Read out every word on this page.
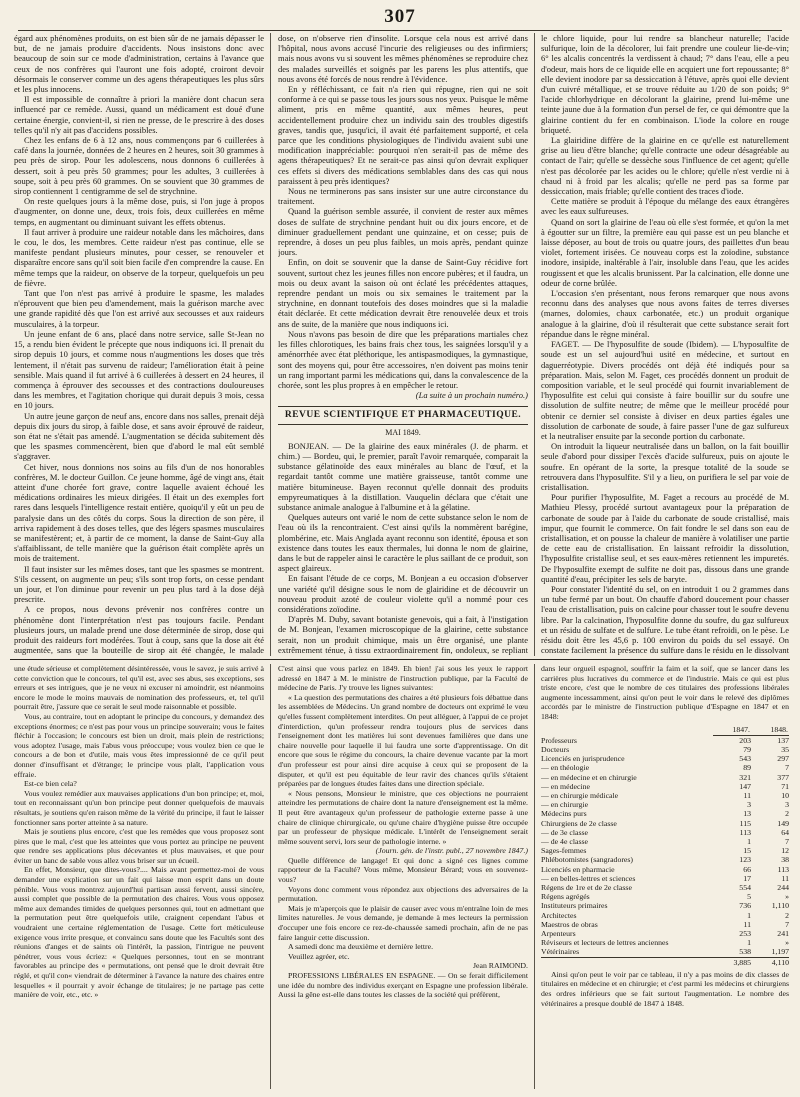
307

égard aux phénomènes produits, on est bien sûr de ne jamais dépasser le but, de ne jamais produire d'accidents. Nous insistons donc avec beaucoup de soin sur ce mode d'administration, certains à l'avance que ceux de nos confrères qui l'auront une fois adopté, croiront devoir désormais le conserver comme un des agens thérapeutiques les plus sûrs et les plus innocens.

Il est impossible de connaître à priori la manière dont chacun sera influencé par ce remède. Aussi, quand un médicament est doué d'une certaine énergie, convient-il, si rien ne presse, de le prescrire à des doses telles qu'il n'y ait pas d'accidens possibles.

Chez les enfans de 6 à 12 ans, nous commençons par 6 cuillerées à café dans la journée, données de 2 heures en 2 heures, soit 30 grammes à peu près de sirop. Pour les adolescens, nous donnons 6 cuillerées à dessert, soit à peu près 50 grammes; pour les adultes, 3 cuillerées à soupe, soit à peu près 60 grammes. On se souvient que 30 grammes de sirop contiennent 1 centigramme de sel de strychnine.

On reste quelques jours à la même dose, puis, si l'on juge à propos d'augmenter, on donne une, deux, trois fois, deux cuillerées en même temps, en augmentant ou diminuant suivant les effets obtenus.

Il faut arriver à produire une raideur notable dans les mâchoires, dans le cou, le dos, les membres. Cette raideur n'est pas continue, elle se manifeste pendant plusieurs minutes, pour cesser, se renouveler et disparaître encore sans qu'il soit bien facile d'en comprendre la cause. En même temps que la raideur, on observe de la torpeur, quelquefois un peu de fièvre.

Tant que l'on n'est pas arrivé à produire le spasme, les malades n'éprouvent que bien peu d'amendement, mais la guérison marche avec une grande rapidité dès que l'on est arrivé aux secousses et aux raideurs musculaires, à la torpeur.

Un jeune enfant de 6 ans, placé dans notre service, salle St-Jean no 15, a rendu bien évident le précepte que nous indiquons ici. Il prenait du sirop depuis 10 jours, et comme nous n'augmentions les doses que très lentement, il n'était pas survenu de raideur; l'amélioration était à peine sensible. Mais quand il fut arrivé à 6 cuillerées à dessert en 24 heures, il commença à éprouver des secousses et des contractions douloureuses dans les membres, et l'agitation chorique qui durait depuis 3 mois, cessa en 10 jours.

Un autre jeune garçon de neuf ans, encore dans nos salles, prenait déjà depuis dix jours du sirop, à faible dose, et sans avoir éprouvé de raideur, son état ne s'était pas amendé. L'augmentation se décida subitement dès que les spasmes commencèrent, bien que d'abord le mal eût semblé s'aggraver.

Cet hiver, nous donnions nos soins au fils d'un de nos honorables confrères, M. le docteur Guillon. Ce jeune homme, âgé de vingt ans, était atteint d'une chorée fort grave, contre laquelle avaient échoué les médications ordinaires les mieux dirigées. Il était un des exemples fort rares dans lesquels l'intelligence restait entière, quoiqu'il y eût un peu de paralysie dans un des côtés du corps. Sous la direction de son père, il arriva rapidement à des doses telles, que des légers spasmes musculaires se manifestèrent; et, à partir de ce moment, la danse de Saint-Guy alla s'affaiblissant, de telle manière que la guérison était complète après un mois de traitement.

Il faut insister sur les mêmes doses, tant que les spasmes se montrent. S'ils cessent, on augmente un peu; s'ils sont trop forts, on cesse pendant un jour, et l'on diminue pour revenir un peu plus tard à la dose déjà prescrite.

A ce propos, nous devons prévenir nos confrères contre un phénomène dont l'interprétation n'est pas toujours facile. Pendant plusieurs jours, un malade prend une dose déterminée de sirop, dose qui produit des raideurs fort modérées. Tout à coup, sans que la dose ait été augmentée, sans que la bouteille de sirop ait été changée, le malade

dose, on n'observe rien d'insolite. Lorsque cela nous est arrivé dans l'hôpital, nous avons accusé l'incurie des religieuses ou des infirmiers; mais nous avons vu si souvent les mêmes phénomènes se reproduire chez des malades surveillés et soignés par les parens les plus attentifs, que nous avons été forcés de nous rendre à l'évidence.

En y réfléchissant, ce fait n'a rien qui répugne, rien qui ne soit conforme à ce qui se passe tous les jours sous nos yeux. Puisque le même aliment, pris en même quantité, aux mêmes heures, peut accidentellement produire chez un individu sain des troubles digestifs graves, tandis que, jusqu'ici, il avait été parfaitement supporté, et cela parce que les conditions physiologiques de l'individu avaient subi une modification inappréciable: pourquoi n'en serait-il pas de même des agens thérapeutiques? Et ne serait-ce pas ainsi qu'on devrait expliquer ces effets si divers des médications semblables dans des cas qui nous paraissent à peu près identiques?

Nous ne terminerons pas sans insister sur une autre circonstance du traitement.

Quand la guérison semble assurée, il convient de rester aux mêmes doses de sulfate de strychnine pendant huit ou dix jours encore, et de diminuer graduellement pendant une quinzaine, et on cesse; puis de reprendre, à doses un peu plus faibles, un mois après, pendant quinze jours.

Enfin, on doit se souvenir que la danse de Saint-Guy récidive fort souvent, surtout chez les jeunes filles non encore pubères; et il faudra, un mois ou deux avant la saison où ont éclaté les précédentes attaques, reprendre pendant un mois ou six semaines le traitement par la strychnine, en donnant toutefois des doses moindres que si la maladie était déclarée. Et cette médication devrait être renouvelée deux et trois ans de suite, de la manière que nous indiquons ici.

Nous n'avons pas besoin de dire que les préparations martiales chez les filles chlorotiques, les bains frais chez tous, les saignées lorsqu'il y a aménorrhée avec état pléthorique, les antispasmodiques, la gymnastique, sont des moyens qui, pour être accessoires, n'en doivent pas moins tenir un rang important parmi les médications qui, dans la convalescence de la chorée, sont les plus propres à en empêcher le retour.

(La suite à un prochain numéro.)

REVUE SCIENTIFIQUE ET PHARMACEUTIQUE.
MAI 1849.

BONJEAN. — De la glairine des eaux minérales (J. de pharm. et chim.) — Bordeu, qui, le premier, paraît l'avoir remarquée, comparait la substance gélatinoïde des eaux minérales au blanc de l'œuf, et la regardait tantôt comme une matière graisseuse, tantôt comme une matière bitumineuse. Bayen reconnut qu'elle donnait des produits empyreumatiques à la distillation. Vauquelin déclara que c'était une substance animale analogue à l'albumine et à la gélatine.

Quelques auteurs ont varié le nom de cette substance selon le nom de l'eau où ils la rencontraient. C'est ainsi qu'ils la nommèrent barégine, plombérine, etc. Mais Anglada ayant reconnu son identité, épousa et son existence dans toutes les eaux thermales, lui donna le nom de glairine, dans le but de rappeler ainsi le caractère le plus saillant de ce produit, son aspect glaireux.

En faisant l'étude de ce corps, M. Bonjean a eu occasion d'observer une variété qu'il désigne sous le nom de glairidine et de découvrir un nouveau produit azoté de couleur violette qu'il a nommé pour ces considérations zoïodine.

D'après M. Duby, savant botaniste genevois, qui a fait, à l'instigation de M. Bonjean, l'examen microscopique de la glairine, cette substance serait, non un produit chimique, mais un être organisé, une plante extrêmement ténue, à tissu extraordinairement fin, ondoleux, se repliant

le chlore liquide, pour lui rendre sa blancheur naturelle; l'acide sulfurique, loin de la décolorer, lui fait prendre une couleur lie-de-vin; 6° les alcalis concentrés la verdissent à chaud; 7° dans l'eau, elle a peu d'odeur, mais hors de ce liquide elle en acquiert une fort repoussante; 8° elle devient inodore par sa dessiccation à l'étuve, après quoi elle devient d'un cuivré métallique, et se trouve réduite au 1/20 de son poids; 9° l'acide chlorhydrique en décolorant la glairine, prend lui-même une teinte jaune due à la formation d'un persel de fer, ce qui démontre que la glairine contient du fer en combinaison. L'iode la colore en rouge briqueté.

La glairidine diffère de la glairine en ce qu'elle est naturellement grise au lieu d'être blanche; qu'elle contracte une odeur désagréable au contact de l'air; qu'elle se dessèche sous l'influence de cet agent; qu'elle n'est pas décolorée par les acides ou le chlore; qu'elle n'est verdie ni à chaud ni à froid par les alcalis; qu'elle ne perd pas sa forme par dessiccation, mais friable; qu'elle contient des traces d'iode.

Cette matière se produit à l'époque du mélange des eaux étrangères avec les eaux sulfureuses.

Quand on sort la glairine de l'eau où elle s'est formée, et qu'on la met à égoutter sur un filtre, la première eau qui passe est un peu blanche et laisse déposer, au bout de trois ou quatre jours, des paillettes d'un beau violet, fortement irisées. Ce nouveau corps est la zoïodine, substance inodore, insipide, inaltérable à l'air, insoluble dans l'eau, que les acides rougissent et que les alcalis brunissent. Par la calcination, elle donne une odeur de corne brûlée.

L'occasion s'en présentant, nous ferons remarquer que nous avons reconnu dans des analyses que nous avons faites de terres diverses (marnes, dolomies, chaux carbonatée, etc.) un produit organique analogue à la glairine, d'où il résulterait que cette substance serait fort répandue dans le règne minéral.

FAGET. — De l'hyposulfite de soude (Ibidem). — L'hyposulfite de soude est un sel aujourd'hui usité en médecine, et surtout en daguerréotypie. Divers procédés ont déjà été indiqués pour sa préparation. Mais, selon M. Faget, ces procédés donnent un produit de composition variable, et le seul procédé qui fournit invariablement de l'hyposulfite est celui qui consiste à faire bouillir sur du soufre une dissolution de sulfite neutre; de même que le meilleur procédé pour obtenir ce dernier sel consiste à diviser en deux parties égales une dissolution de carbonate de soude, à faire passer l'une de gaz sulfureux et la neutraliser ensuite par la seconde portion du carbonate.

On introduit la liqueur neutralisée dans un ballon, on la fait bouillir seule d'abord pour dissiper l'excès d'acide sulfureux, puis on ajoute le soufre. En opérant de la sorte, la presque totalité de la soude se retrouvera dans l'hyposulfite. S'il y a lieu, on purifiera le sel par voie de cristallisation.

Pour purifier l'hyposulfite, M. Faget a recours au procédé de M. Mathieu Plessy, procédé surtout avantageux pour la préparation de carbonate de soude par à l'aide du carbonate de soude cristallisé, mais impur, que fournit le commerce. On fait fondre le sel dans son eau de cristallisation, et on pousse la chaleur de manière à volatiliser une partie de cette eau de cristallisation. En laissant refroidir la dissolution, l'hyposulfite cristallise seul, et ses eaux-mères retiennent les impuretés. De l'hyposulfite exempt de sulfite ne doit pas, dissous dans une grande quantité d'eau, précipiter les sels de baryte.

Pour constater l'identité du sel, on en introduit 1 ou 2 grammes dans un tube fermé par un bout. On chauffe d'abord doucement pour chasser l'eau de cristallisation, puis on calcine pour chasser tout le soufre devenu libre. Par la calcination, l'hyposulfite donne du soufre, du gaz sulfureux et un résidu de sulfate et de sulfure. Le tube étant refroidi, on le pèse. Le résidu doit être les 45,6 p. 100 environ du poids du sel essayé. On constate facilement la présence du sulfure dans le résidu en le dissolvant

une étude sérieuse et complètement désintéressée, vous le savez, je suis arrivé à cette conviction que le concours, tel qu'il est, avec ses abus, ses exceptions, ses erreurs et ses intrigues, que je ne veux ni excuser ni amoindrir, est néanmoins encore le mode le moins mauvais de nomination des professeurs, et, tel qu'il pourrait être, j'assure que ce serait le seul mode raisonnable et possible.

Vous, au contraire, tout en adoptant le principe du concours, y demandez des exceptions énormes; ce n'est pas pour vous un principe souverain; vous le faites fléchir à l'occasion; le concours est bien un droit, mais plein de restrictions; vous adoptez l'usage, mais l'abus vous préoccupe; vous voulez bien ce que le concours a de bon et d'utile, mais vous êtes impressionné de ce qu'il peut donner d'insuffisant et d'étrange; le principe vous plaît, l'application vous effraie.

Est-ce bien cela?

Vous voulez remédier aux mauvaises applications d'un bon principe; et, moi, tout en reconnaissant qu'un bon principe peut donner quelquefois de mauvais résultats, je soutiens qu'en raison même de la vérité du principe, il faut le laisser fonctionner sans porter atteinte à sa nature.

Mais je soutiens plus encore, c'est que les remèdes que vous proposez sont pires que le mal, c'est que les atteintes que vous portez au principe ne peuvent que rendre ses applications plus décevantes et plus mauvaises, et que pour éviter un banc de sable vous allez vous briser sur un écueil.

En effet, Monsieur, que dites-vous?.... Mais avant permettez-moi de vous demander une explication sur un fait qui laisse mon esprit dans un doute pénible. Vous vous montrez aujourd'hui partisan aussi fervent, aussi sincère, aussi complet que possible de la permutation des chaires. Vous vous opposez même aux demandes timides de quelques personnes qui, tout en admettant que la permutation peut être quelquefois utile, craignent cependant l'abus et voudraient une certaine réglementation de l'usage. Cette fort méticuleuse exigence vous irrite presque, et convaincu sans doute que les Facultés sont des réunions d'anges et de saints où l'intérêt, la passion, l'intrigue ne peuvent pénétrer, vous vous écriez: « Quelques personnes, tout en se montrant favorables au principe des « permutations, ont pensé que le droit devrait être réglé, et qu'il con« viendrait de déterminer à l'avance la nature des chaires entre lesquelles « il pourrait y avoir échange de titulaires; je ne partage pas cette manière de voir, etc., etc. »

C'est ainsi que vous parlez en 1849. Eh bien! j'ai sous les yeux le rapport adressé en 1847 à M. le ministre de l'instruction publique, par la Faculté de médecine de Paris. J'y trouve les lignes suivantes:

« La question des permutations des chaires a été plusieurs fois débattue dans les assemblées de Médecins. Un grand nombre de docteurs ont exprimé le vœu qu'elles fussent complètement interdites. On peut alléguer, à l'appui de ce projet d'interdiction, qu'un professeur rendra toujours plus de services dans l'enseignement dont les matières lui sont devenues familières que dans une chaire nouvelle pour laquelle il lui faudra une sorte d'apprentissage. On dit encore que sous le régime du concours, la chaire devenue vacante par la mort d'un professeur est pour ainsi dire acquise à ceux qui se proposent de la disputer, et qu'il est peu équitable de leur ravir des chances qu'ils s'étaient préparées par de longues études faites dans une direction spéciale.

« Nous pensons, Monsieur le ministre, que ces objections ne pourraient atteindre les permutations de chaire dont la nature d'enseignement est la même. Il peut être avantageux qu'un professeur de pathologie externe passe à une chaire de clinique chirurgicale, ou qu'une chaire d'hygiène puisse être occupée par un professeur de physique médicale. L'intérêt de l'enseignement serait même souvent servi, lors seur de pathologie interne. »

(Journ. gén. de l'instr. publ., 27 novembre 1847.)

Quelle différence de langage! Et qui donc a signé ces lignes comme rapporteur de la Faculté? Vous même, Monsieur Bérard; vous en souvenez-vous?

Voyons donc comment vous répondez aux objections des adversaires de la permutation.

Mais je m'aperçois que le plaisir de causer avec vous m'entraîne loin de mes limites naturelles. Je vous demande, je demande à mes lecteurs la permission d'occuper une fois encore ce rez-de-chaussée samedi prochain, afin de ne pas faire languir cette discussion.

A samedi donc ma deuxième et dernière lettre.

Veuillez agréer, etc.

Jean RAIMOND.

PROFESSIONS LIBÉRALES EN ESPAGNE. — On se ferait difficilement une idée du nombre des individus exerçant en Espagne une profession libérale. Aussi la gêne est-elle dans toutes les classes de la société qui préfèrent,

dans leur orgueil espagnol, souffrir la faim et la soif, que se lancer dans les carrières plus lucratives du commerce et de l'industrie. Mais ce qui est plus triste encore, c'est que le nombre de ces titulaires des professions libérales augmente incessamment, ainsi qu'on peut le voir dans le relevé des diplômes accordés par le ministre de l'instruction publique d'Espagne en 1847 et en 1848:

	1847.	1848.
Professeurs	203	137
Docteurs	79	35
Licenciés en jurisprudence	543	297
— en théologie	89	7
— en médecine et en chirurgie	321	377
— en médecine	147	71
— en chirurgie médicale	11	10
— en chirurgie	3	3
Médecins purs	13	2
Chirurgiens de 2e classe	115	149
— de 3e classe	113	64
— de 4e classe	1	7
Sages-femmes	15	12
Phlébotomistes (sangradores)	123	38
Licenciés en pharmacie	66	113
— en belles-lettres et sciences	17	11
Régens de 1re et de 2e classe	554	244
Régens agrégés	5	»
Instituteurs primaires	736	1,110
Architectes	1	2
Maestros de obras	11	7
Arpenteurs	253	241
Réviseurs et lecteurs de lettres anciennes	1	»
Vétérinaires	538	1,197
	3,885	4,110

Ainsi qu'on peut le voir par ce tableau, il n'y a pas moins de dix classes de titulaires en médecine et en chirurgie; et c'est parmi les médecins et chirurgiens des ordres inférieurs que se fait surtout l'augmentation. Le nombre des vétérinaires a presque doublé de 1847 à 1848.
